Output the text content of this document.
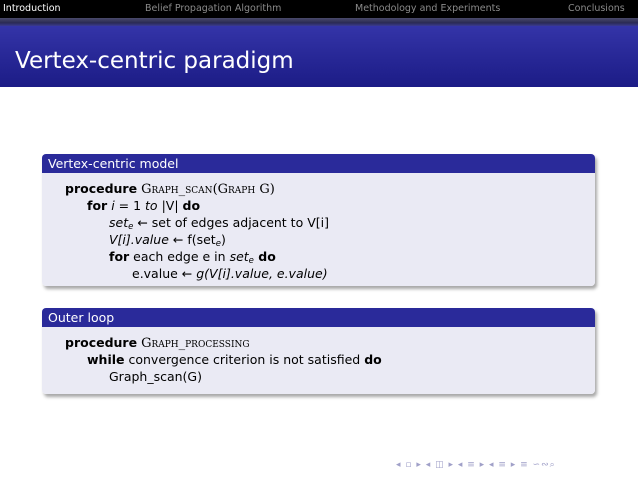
Introduction	Belief Propagation Algorithm	Methodology and Experiments	Conclusions
Vertex-centric paradigm
Vertex-centric model
procedure Graph_scan(Graph G)
for i = 1 to |V| do
set$_e$ ← set of edges adjacent to V[i]
V[i].value ← f(set$_e$)
for each edge e in set$_e$ do
e.value ← g(V[i].value, e.value)
Outer loop
procedure Graph_processing
while convergence criterion is not satisfied do
Graph_scan(G)
◂ ▫ ▸ ◂ ◫ ▸ ◂ ≡ ▸ ◂ ≡ ▸ ≡ ∽∾⌕
